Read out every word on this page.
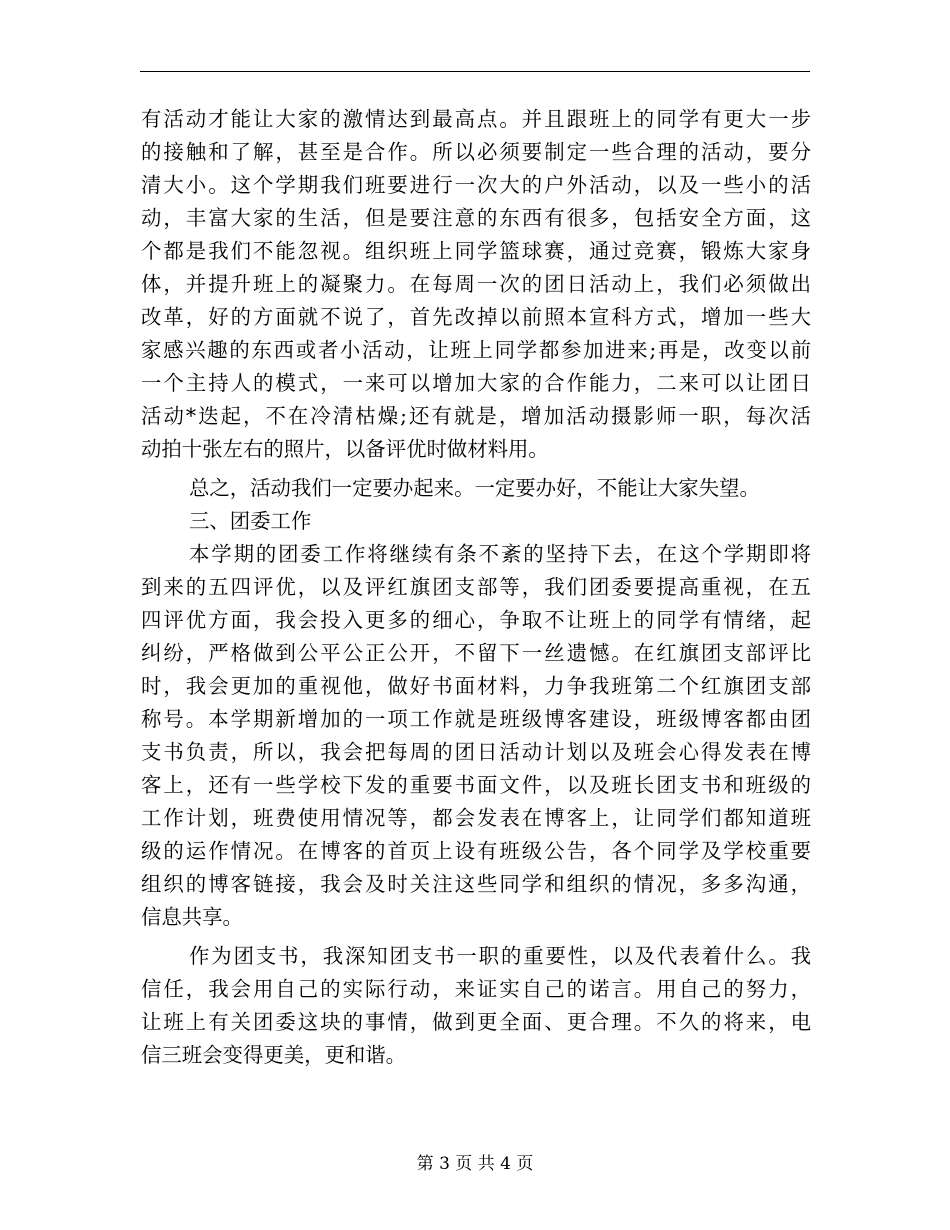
有活动才能让大家的激情达到最高点。并且跟班上的同学有更大一步
的接触和了解，甚至是合作。所以必须要制定一些合理的活动，要分
清大小。这个学期我们班要进行一次大的户外活动，以及一些小的活
动，丰富大家的生活，但是要注意的东西有很多，包括安全方面，这
个都是我们不能忽视。组织班上同学篮球赛，通过竞赛，锻炼大家身
体，并提升班上的凝聚力。在每周一次的团日活动上，我们必须做出
改革，好的方面就不说了，首先改掉以前照本宣科方式，增加一些大
家感兴趣的东西或者小活动，让班上同学都参加进来;再是，改变以前
一个主持人的模式，一来可以增加大家的合作能力，二来可以让团日
活动*迭起，不在冷清枯燥;还有就是，增加活动摄影师一职，每次活
动拍十张左右的照片，以备评优时做材料用。
总之，活动我们一定要办起来。一定要办好，不能让大家失望。
三、团委工作
本学期的团委工作将继续有条不紊的坚持下去，在这个学期即将
到来的五四评优，以及评红旗团支部等，我们团委要提高重视，在五
四评优方面，我会投入更多的细心，争取不让班上的同学有情绪，起
纠纷，严格做到公平公正公开，不留下一丝遗憾。在红旗团支部评比
时，我会更加的重视他，做好书面材料，力争我班第二个红旗团支部
称号。本学期新增加的一项工作就是班级博客建设，班级博客都由团
支书负责，所以，我会把每周的团日活动计划以及班会心得发表在博
客上，还有一些学校下发的重要书面文件，以及班长团支书和班级的
工作计划，班费使用情况等，都会发表在博客上，让同学们都知道班
级的运作情况。在博客的首页上设有班级公告，各个同学及学校重要
组织的博客链接，我会及时关注这些同学和组织的情况，多多沟通，
信息共享。
作为团支书，我深知团支书一职的重要性，以及代表着什么。我
信任，我会用自己的实际行动，来证实自己的诺言。用自己的努力，
让班上有关团委这块的事情，做到更全面、更合理。不久的将来，电
信三班会变得更美，更和谐。
第 3 页 共 4 页
